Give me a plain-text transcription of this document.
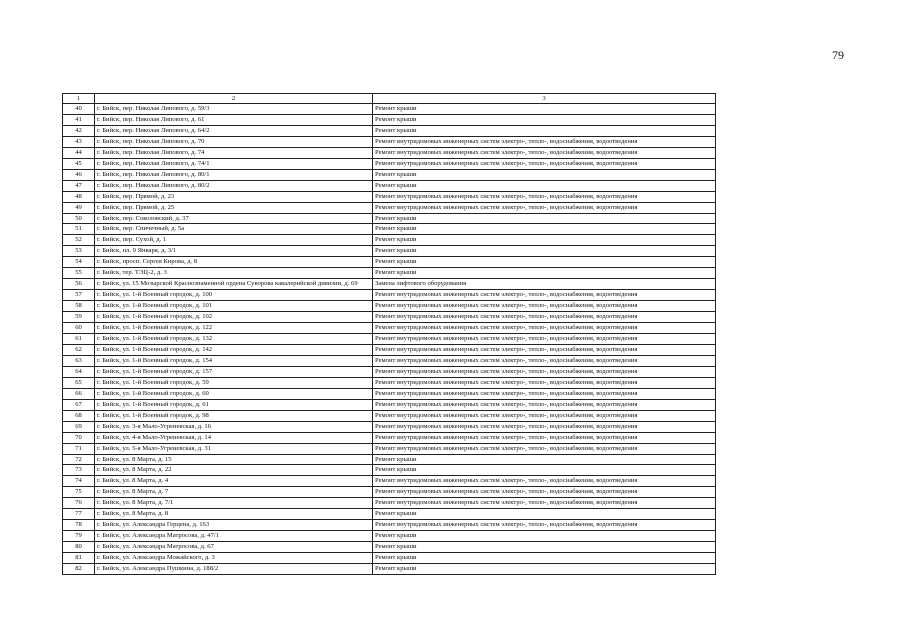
79
1	2	3
40	г. Бийск, пер. Николая Липового, д. 59/3	Ремонт крыши
41	г. Бийск, пер. Николая Липового, д. 61	Ремонт крыши
42	г. Бийск, пер. Николая Липового, д. 64/2	Ремонт крыши
43	г. Бийск, пер. Николая Липового, д. 70	Ремонт внутридомовых инженерных систем электро-, тепло-, водоснабжения, водоотведения
44	г. Бийск, пер. Николая Липового, д. 74	Ремонт внутридомовых инженерных систем электро-, тепло-, водоснабжения, водоотведения
45	г. Бийск, пер. Николая Липового, д. 74/1	Ремонт внутридомовых инженерных систем электро-, тепло-, водоснабжения, водоотведения
46	г. Бийск, пер. Николая Липового, д. 80/1	Ремонт крыши
47	г. Бийск, пер. Николая Липового, д. 80/2	Ремонт крыши
48	г. Бийск, пер. Прямой, д. 23	Ремонт внутридомовых инженерных систем электро-, тепло-, водоснабжения, водоотведения
49	г. Бийск, пер. Прямой, д. 25	Ремонт внутридомовых инженерных систем электро-, тепло-, водоснабжения, водоотведения
50	г. Бийск, пер. Соколовский, д. 37	Ремонт крыши
51	г. Бийск, пер. Спичечный, д. 5а	Ремонт крыши
52	г. Бийск, пер. Сухой, д. 1	Ремонт крыши
53	г. Бийск, пл. 9 Января, д. 3/1	Ремонт крыши
54	г. Бийск, просп. Сергея Кирова, д. 8	Ремонт крыши
55	г. Бийск, тер. ТЭЦ-2, д. 3	Ремонт крыши
56	г. Бийск, ул. 15 Мозырской Краснознаменной ордена Суворова кавалерийской дивизии, д. 69	Замена лифтового оборудования
57	г. Бийск, ул. 1-й Военный городок, д. 100	Ремонт внутридомовых инженерных систем электро-, тепло-, водоснабжения, водоотведения
58	г. Бийск, ул. 1-й Военный городок, д. 101	Ремонт внутридомовых инженерных систем электро-, тепло-, водоснабжения, водоотведения
59	г. Бийск, ул. 1-й Военный городок, д. 102	Ремонт внутридомовых инженерных систем электро-, тепло-, водоснабжения, водоотведения
60	г. Бийск, ул. 1-й Военный городок, д. 122	Ремонт внутридомовых инженерных систем электро-, тепло-, водоснабжения, водоотведения
61	г. Бийск, ул. 1-й Военный городок, д. 132	Ремонт внутридомовых инженерных систем электро-, тепло-, водоснабжения, водоотведения
62	г. Бийск, ул. 1-й Военный городок, д. 142	Ремонт внутридомовых инженерных систем электро-, тепло-, водоснабжения, водоотведения
63	г. Бийск, ул. 1-й Военный городок, д. 154	Ремонт внутридомовых инженерных систем электро-, тепло-, водоснабжения, водоотведения
64	г. Бийск, ул. 1-й Военный городок, д. 157	Ремонт внутридомовых инженерных систем электро-, тепло-, водоснабжения, водоотведения
65	г. Бийск, ул. 1-й Военный городок, д. 59	Ремонт внутридомовых инженерных систем электро-, тепло-, водоснабжения, водоотведения
66	г. Бийск, ул. 1-й Военный городок, д. 60	Ремонт внутридомовых инженерных систем электро-, тепло-, водоснабжения, водоотведения
67	г. Бийск, ул. 1-й Военный городок, д. 61	Ремонт внутридомовых инженерных систем электро-, тепло-, водоснабжения, водоотведения
68	г. Бийск, ул. 1-й Военный городок, д. 98	Ремонт внутридомовых инженерных систем электро-, тепло-, водоснабжения, водоотведения
69	г. Бийск, ул. 3-я Мало-Угреневская, д. 16	Ремонт внутридомовых инженерных систем электро-, тепло-, водоснабжения, водоотведения
70	г. Бийск, ул. 4-я Мало-Угреневская, д. 14	Ремонт внутридомовых инженерных систем электро-, тепло-, водоснабжения, водоотведения
71	г. Бийск, ул. 5-я Мало-Угреневская, д. 31	Ремонт внутридомовых инженерных систем электро-, тепло-, водоснабжения, водоотведения
72	г. Бийск, ул. 8 Марта, д. 15	Ремонт крыши
73	г. Бийск, ул. 8 Марта, д. 22	Ремонт крыши
74	г. Бийск, ул. 8 Марта, д. 4	Ремонт внутридомовых инженерных систем электро-, тепло-, водоснабжения, водоотведения
75	г. Бийск, ул. 8 Марта, д. 7	Ремонт внутридомовых инженерных систем электро-, тепло-, водоснабжения, водоотведения
76	г. Бийск, ул. 8 Марта, д. 7/1	Ремонт внутридомовых инженерных систем электро-, тепло-, водоснабжения, водоотведения
77	г. Бийск, ул. 8 Марта, д. 8	Ремонт крыши
78	г. Бийск, ул. Александра Герцена, д. 163	Ремонт внутридомовых инженерных систем электро-, тепло-, водоснабжения, водоотведения
79	г. Бийск, ул. Александра Матросова, д. 47/1	Ремонт крыши
80	г. Бийск, ул. Александра Матросова, д. 67	Ремонт крыши
81	г. Бийск, ул. Александра Можайского, д. 3	Ремонт крыши
82	г. Бийск, ул. Александра Пушкина, д. 188/2	Ремонт крыши
